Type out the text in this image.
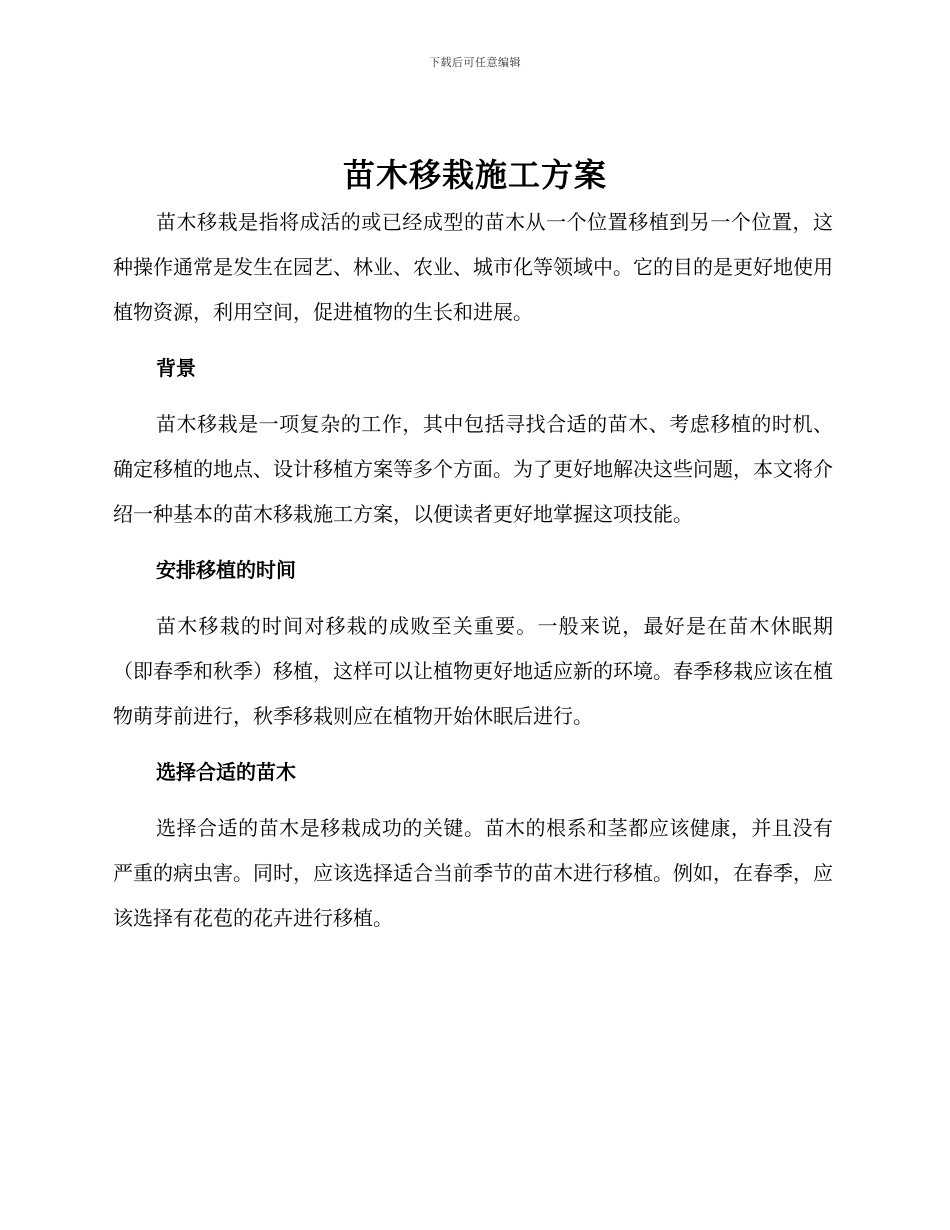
下载后可任意编辑
苗木移栽施工方案

苗木移栽是指将成活的或已经成型的苗木从一个位置移植到另一个位置，这种操作通常是发生在园艺、林业、农业、城市化等领域中。它的目的是更好地使用植物资源，利用空间，促进植物的生长和进展。

背景

苗木移栽是一项复杂的工作，其中包括寻找合适的苗木、考虑移植的时机、确定移植的地点、设计移植方案等多个方面。为了更好地解决这些问题，本文将介绍一种基本的苗木移栽施工方案，以便读者更好地掌握这项技能。

安排移植的时间

苗木移栽的时间对移栽的成败至关重要。一般来说，最好是在苗木休眠期（即春季和秋季）移植，这样可以让植物更好地适应新的环境。春季移栽应该在植物萌芽前进行，秋季移栽则应在植物开始休眠后进行。

选择合适的苗木

选择合适的苗木是移栽成功的关键。苗木的根系和茎都应该健康，并且没有严重的病虫害。同时，应该选择适合当前季节的苗木进行移植。例如，在春季，应该选择有花苞的花卉进行移植。
